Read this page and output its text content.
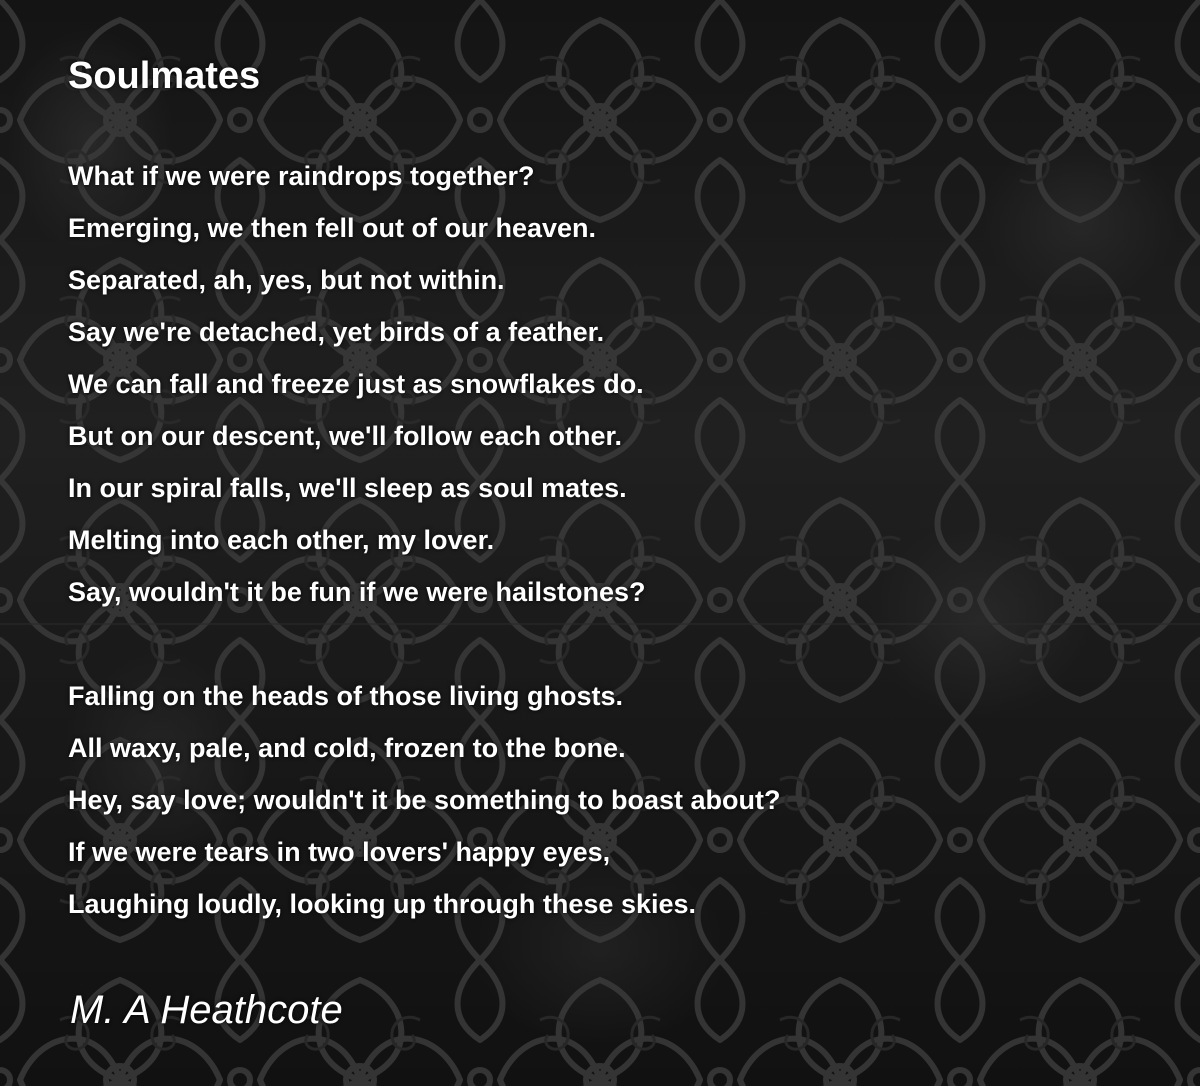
Soulmates
What if we were raindrops together?
Emerging, we then fell out of our heaven.
Separated, ah, yes, but not within.
Say we're detached, yet birds of a feather.
We can fall and freeze just as snowflakes do.
But on our descent, we'll follow each other.
In our spiral falls, we'll sleep as soul mates.
Melting into each other, my lover.
Say, wouldn't it be fun if we were hailstones?
Falling on the heads of those living ghosts.
All waxy, pale, and cold, frozen to the bone.
Hey, say love; wouldn't it be something to boast about?
If we were tears in two lovers' happy eyes,
Laughing loudly, looking up through these skies.

M. A Heathcote
